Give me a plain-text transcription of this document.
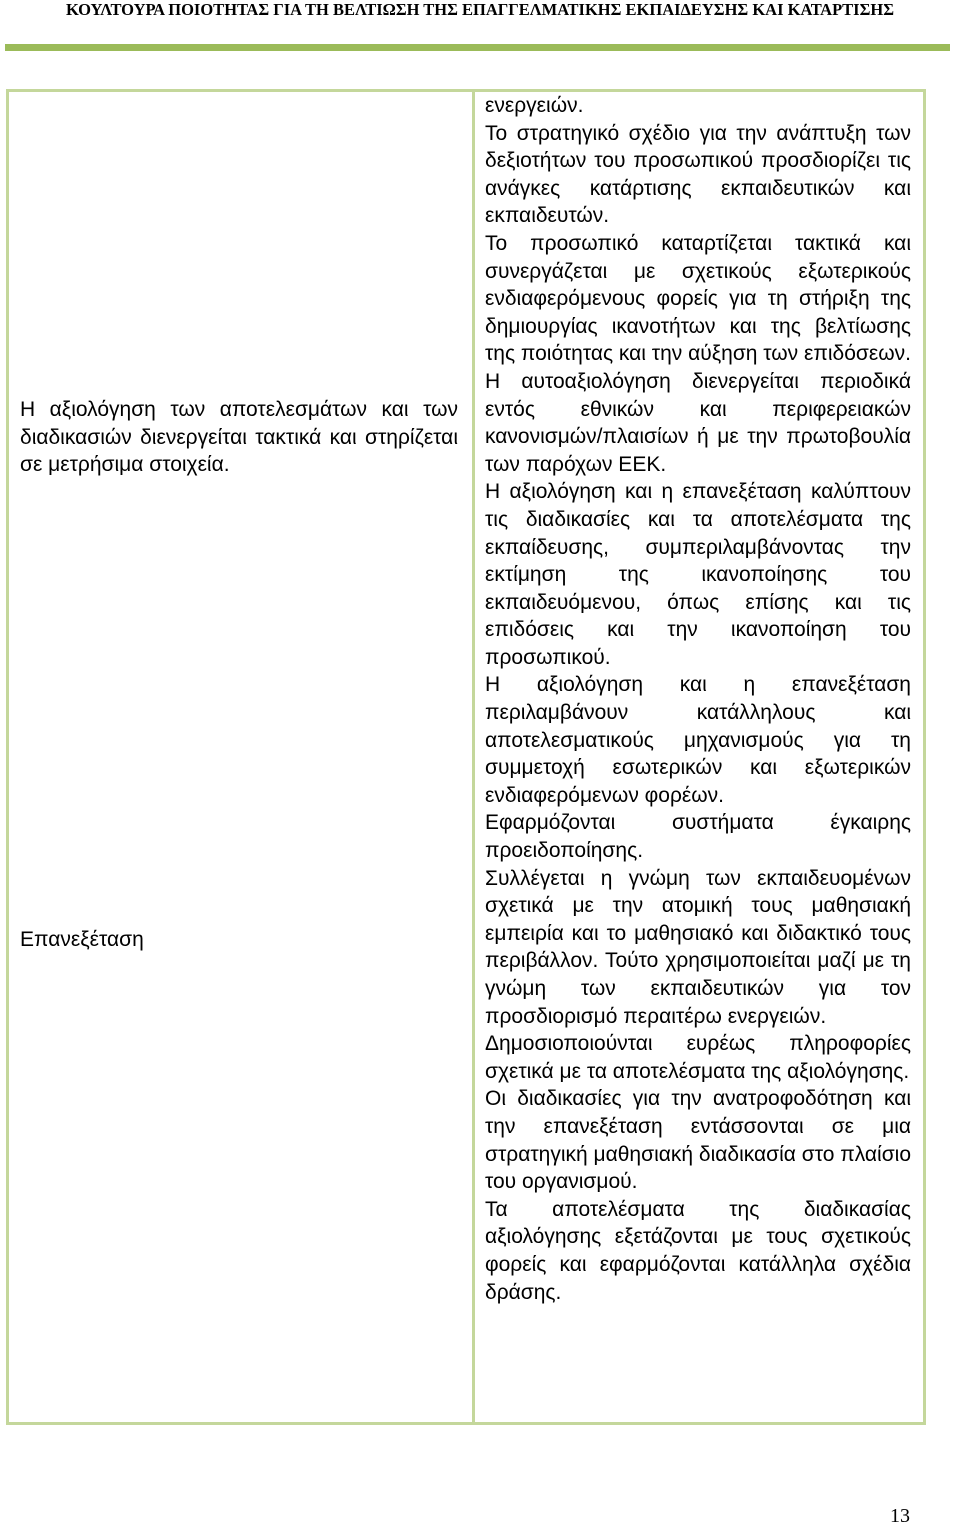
ΚΟΥΛΤΟΥΡΑ ΠΟΙΟΤΗΤΑΣ ΓΙΑ ΤΗ ΒΕΛΤΙΩΣΗ ΤΗΣ ΕΠΑΓΓΕΛΜΑΤΙΚΗΣ ΕΚΠΑΙΔΕΥΣΗΣ ΚΑΙ ΚΑΤΑΡΤΙΣΗΣ

ενεργειών.

Το στρατηγικό σχέδιο για την ανάπτυξη των δεξιοτήτων του προσωπικού προσδιορίζει τις ανάγκες κατάρτισης εκπαιδευτικών και εκπαιδευτών.

Το προσωπικό καταρτίζεται τακτικά και συνεργάζεται με σχετικούς εξωτερικούς ενδιαφερόμενους φορείς για τη στήριξη της δημιουργίας ικανοτήτων και της βελτίωσης της ποιότητας και την αύξηση των επιδόσεων.

Η αυτοαξιολόγηση διενεργείται περιοδικά εντός εθνικών και περιφερειακών κανονισμών/πλαισίων ή με την πρωτοβουλία των παρόχων ΕΕΚ.

Η αξιολόγηση και η επανεξέταση καλύπτουν τις διαδικασίες και τα αποτελέσματα της εκπαίδευσης, συμπεριλαμβάνοντας την εκτίμηση της ικανοποίησης του εκπαιδευόμενου, όπως επίσης και τις επιδόσεις και την ικανοποίηση του προσωπικού.

Η αξιολόγηση και η επανεξέταση περιλαμβάνουν κατάλληλους και αποτελεσματικούς μηχανισμούς για τη συμμετοχή εσωτερικών και εξωτερικών ενδιαφερόμενων φορέων.

Εφαρμόζονται συστήματα έγκαιρης προειδοποίησης.

Συλλέγεται η γνώμη των εκπαιδευομένων σχετικά με την ατομική τους μαθησιακή εμπειρία και το μαθησιακό και διδακτικό τους περιβάλλον. Τούτο χρησιμοποιείται μαζί με τη γνώμη των εκπαιδευτικών για τον προσδιορισμό περαιτέρω ενεργειών.

Δημοσιοποιούνται ευρέως πληροφορίες σχετικά με τα αποτελέσματα της αξιολόγησης.

Οι διαδικασίες για την ανατροφοδότηση και την επανεξέταση εντάσσονται σε μια στρατηγική μαθησιακή διαδικασία στο πλαίσιο του οργανισμού.

Τα αποτελέσματα της διαδικασίας αξιολόγησης εξετάζονται με τους σχετικούς φορείς και εφαρμόζονται κατάλληλα σχέδια δράσης.

Η αξιολόγηση των αποτελεσμάτων και των διαδικασιών διενεργείται τακτικά και στηρίζεται σε μετρήσιμα στοιχεία.

Επανεξέταση

13
